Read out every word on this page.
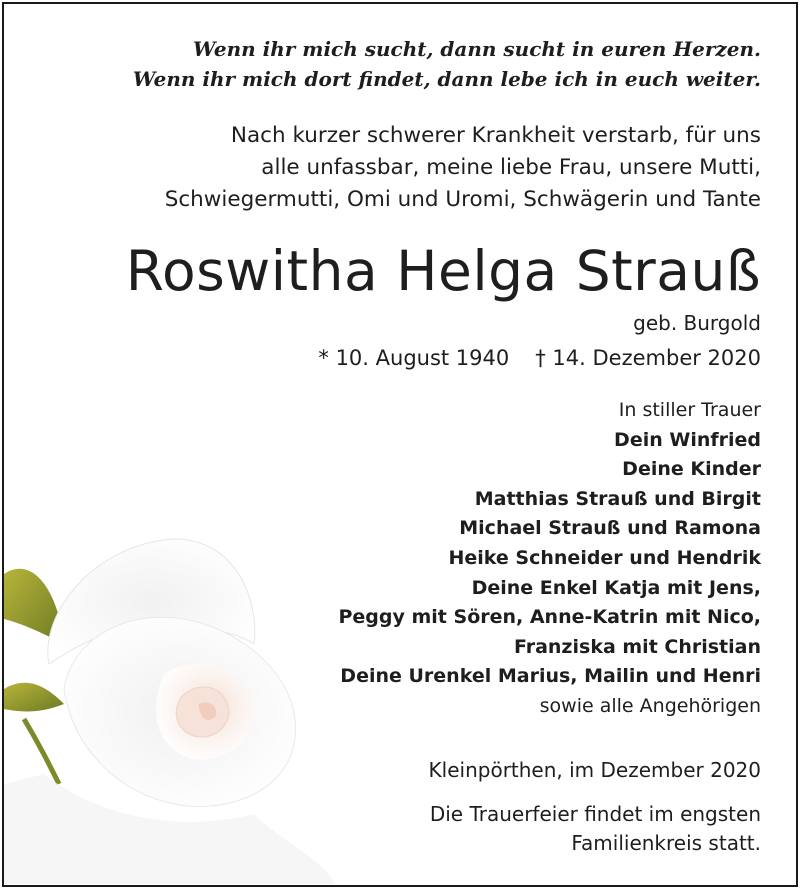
Wenn ihr mich sucht, dann sucht in euren Herzen.
Wenn ihr mich dort findet, dann lebe ich in euch weiter.
Nach kurzer schwerer Krankheit verstarb, für uns
alle unfassbar, meine liebe Frau, unsere Mutti,
Schwiegermutti, Omi und Uromi, Schwägerin und Tante
Roswitha Helga Strauß
geb. Burgold
* 10. August 1940 † 14. Dezember 2020
In stiller Trauer
Dein Winfried
Deine Kinder
Matthias Strauß und Birgit
Michael Strauß und Ramona
Heike Schneider und Hendrik
Deine Enkel Katja mit Jens,
Peggy mit Sören, Anne-Katrin mit Nico,
Franziska mit Christian
Deine Urenkel Marius, Mailin und Henri
sowie alle Angehörigen
Kleinpörthen, im Dezember 2020
Die Trauerfeier findet im engsten
Familienkreis statt.
